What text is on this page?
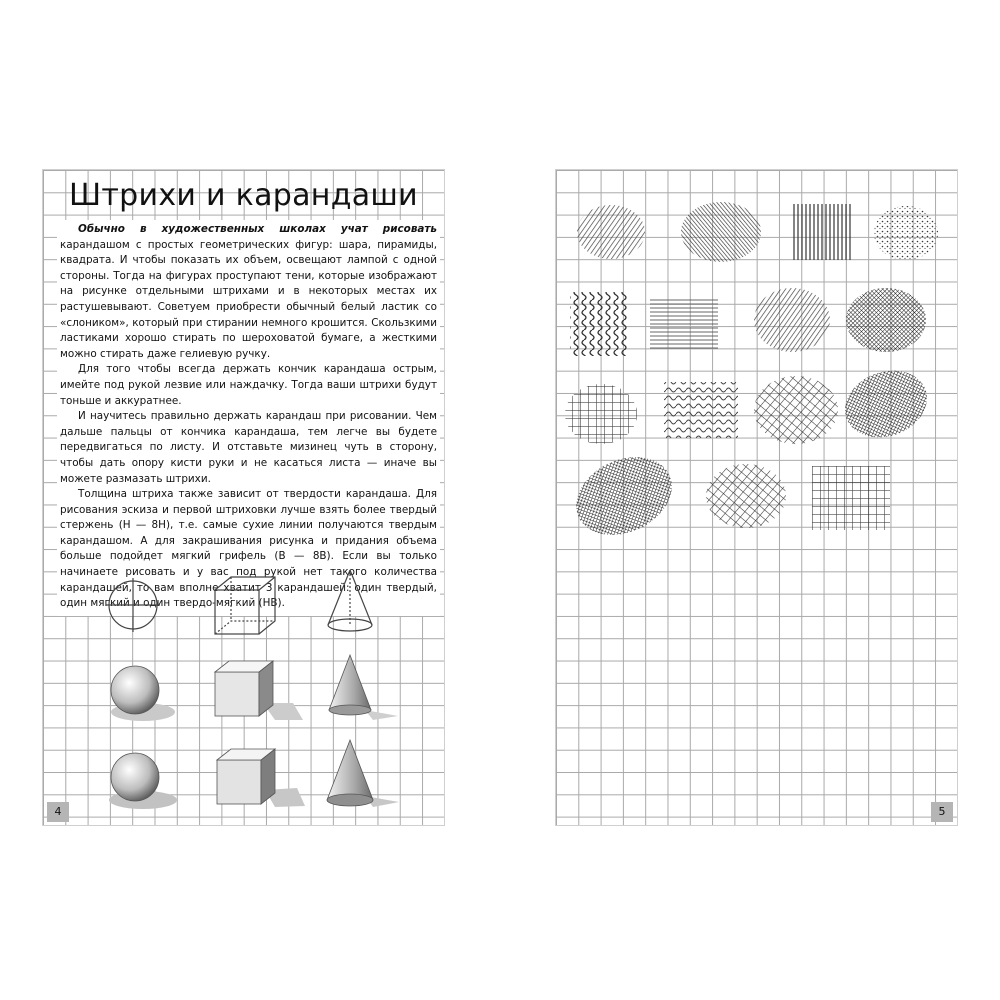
Штрихи и карандаши

Обычно в художественных школах учат рисовать карандашом с простых геометрических фигур: шара, пирамиды, квадрата. И чтобы показать их объем, освещают лампой с одной стороны. Тогда на фигурах проступают тени, которые изображают на рисунке отдельными штрихами и в некоторых местах их растушевывают. Советуем приобрести обычный белый ластик со «слоником», который при стирании немного крошится. Скользкими ластиками хорошо стирать по шероховатой бумаге, а жесткими можно стирать даже гелиевую ручку.

Для того чтобы всегда держать кончик карандаша острым, имейте под рукой лезвие или наждачку. Тогда ваши штрихи будут тоньше и аккуратнее.

И научитесь правильно держать карандаш при рисовании. Чем дальше пальцы от кончика карандаша, тем легче вы будете передвигаться по листу. И отставьте мизинец чуть в сторону, чтобы дать опору кисти руки и не касаться листа — иначе вы можете размазать штрихи.

Толщина штриха также зависит от твердости карандаша. Для рисования эскиза и первой штриховки лучше взять более твердый стержень (H — 8H), т.е. самые сухие линии получаются твердым карандашом. А для закрашивания рисунка и придания объема больше подойдет мягкий грифель (B — 8B). Если вы только начинаете рисовать и у вас под рукой нет такого количества карандашей, то вам вполне хватит 3 карандашей: один твердый, один мягкий и один твердо-мягкий (HB).

4	5
